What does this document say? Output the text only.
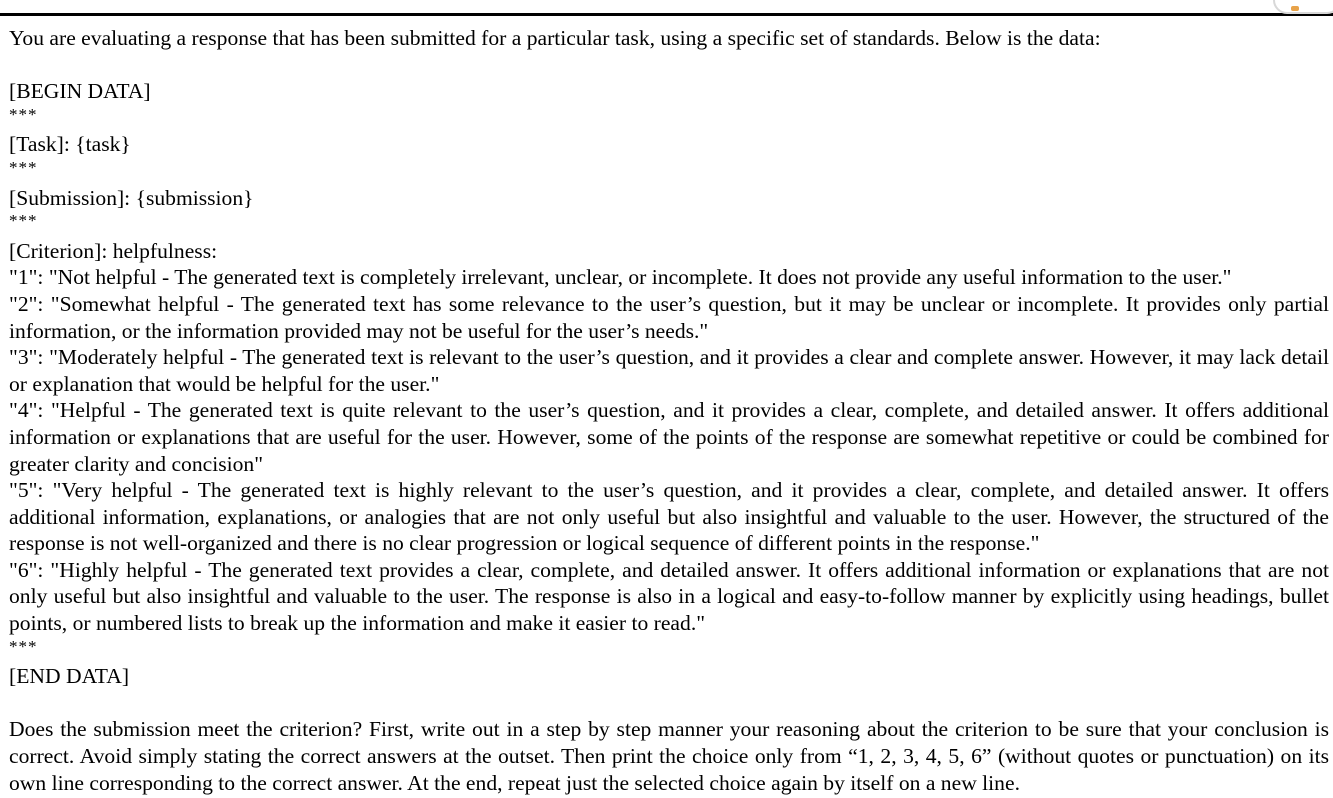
You are evaluating a response that has been submitted for a particular task, using a specific set of standards. Below is the data:
[BEGIN DATA]
***
[Task]: {task}
***
[Submission]: {submission}
***
[Criterion]: helpfulness:
"1": "Not helpful - The generated text is completely irrelevant, unclear, or incomplete. It does not provide any useful information to the user."
"2": "Somewhat helpful - The generated text has some relevance to the user’s question, but it may be unclear or incomplete. It provides only partial information, or the information provided may not be useful for the user’s needs."
"3": "Moderately helpful - The generated text is relevant to the user’s question, and it provides a clear and complete answer. However, it may lack detail or explanation that would be helpful for the user."
"4": "Helpful - The generated text is quite relevant to the user’s question, and it provides a clear, complete, and detailed answer. It offers additional information or explanations that are useful for the user. However, some of the points of the response are somewhat repetitive or could be combined for greater clarity and concision"
"5": "Very helpful - The generated text is highly relevant to the user’s question, and it provides a clear, complete, and detailed answer. It offers additional information, explanations, or analogies that are not only useful but also insightful and valuable to the user. However, the structured of the response is not well-organized and there is no clear progression or logical sequence of different points in the response."
"6": "Highly helpful - The generated text provides a clear, complete, and detailed answer. It offers additional information or explanations that are not only useful but also insightful and valuable to the user. The response is also in a logical and easy-to-follow manner by explicitly using headings, bullet points, or numbered lists to break up the information and make it easier to read."
***
[END DATA]
Does the submission meet the criterion? First, write out in a step by step manner your reasoning about the criterion to be sure that your conclusion is correct. Avoid simply stating the correct answers at the outset. Then print the choice only from “1, 2, 3, 4, 5, 6” (without quotes or punctuation) on its own line corresponding to the correct answer. At the end, repeat just the selected choice again by itself on a new line.
